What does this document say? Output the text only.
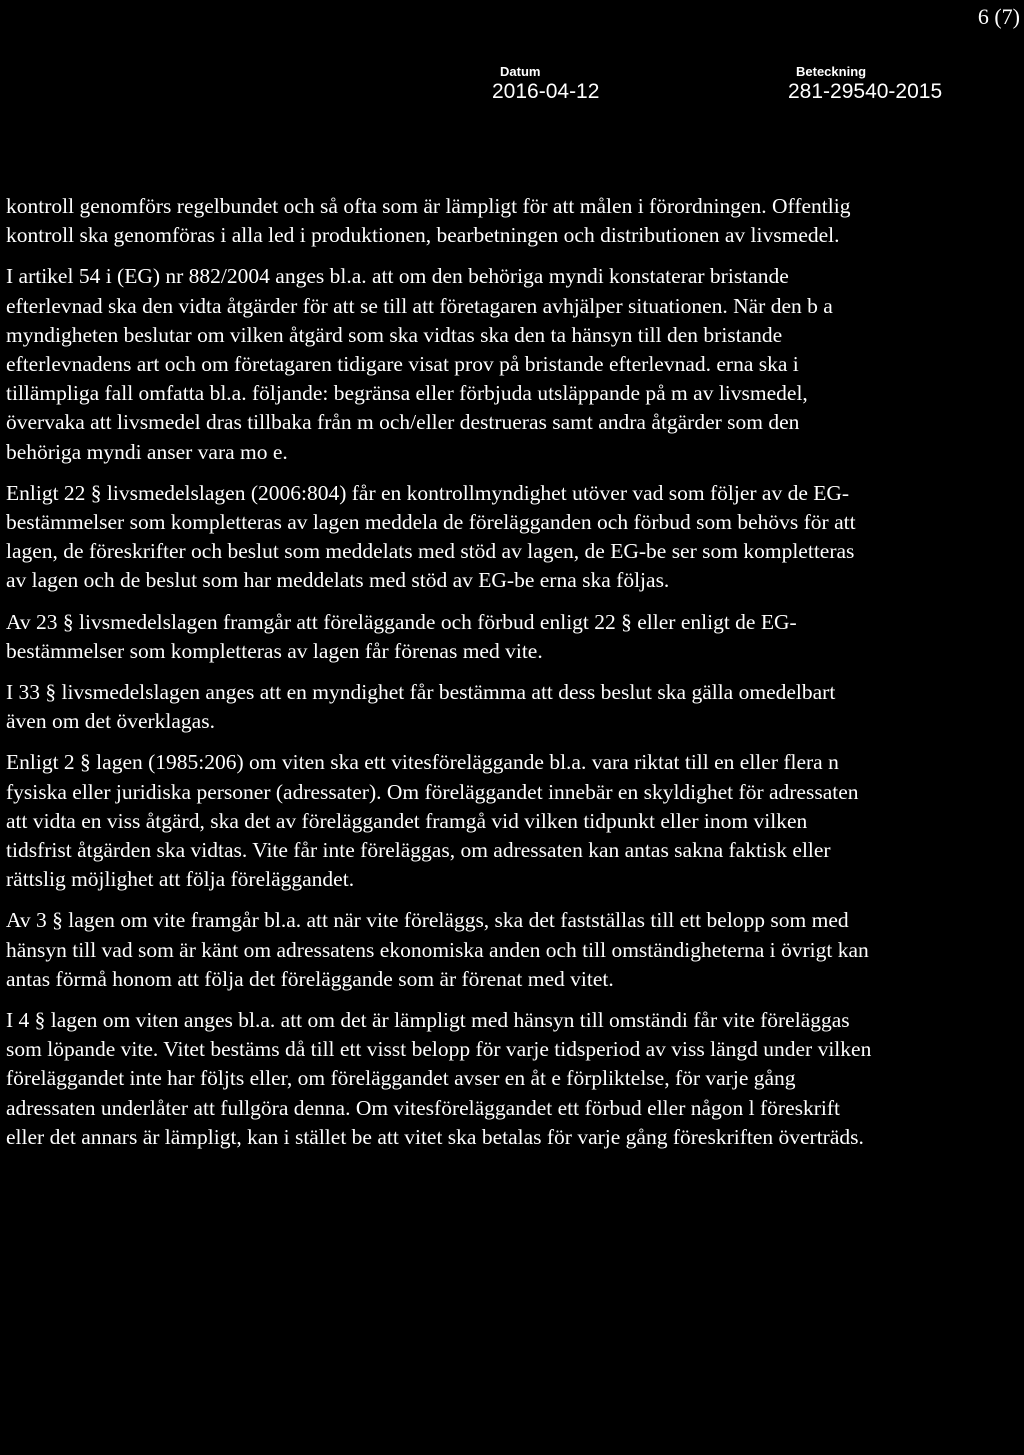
6 (7)
Datum
2016-04-12
Beteckning
281-29540-2015

kontroll genomförs regelbundet och så ofta som är lämpligt för att målen i förordningen. Offentlig kontroll ska genomföras i alla led i produktionen, bearbetningen och distributionen av livsmedel.

I artikel 54 i (EG) nr 882/2004 anges bl.a. att om den behöriga myndi konstaterar bristande efterlevnad ska den vidta åtgärder för att se till att företagaren avhjälper situationen. När den b a myndigheten beslutar om vilken åtgärd som ska vidtas ska den ta hänsyn till den bristande efterlevnadens art och om företagaren tidigare visat prov på bristande efterlevnad. erna ska i tillämpliga fall omfatta bl.a. följande: begränsa eller förbjuda utsläppande på m av livsmedel, övervaka att livsmedel dras tillbaka från m och/eller destrueras samt andra åtgärder som den behöriga myndi anser vara mo e.

Enligt 22 § livsmedelslagen (2006:804) får en kontrollmyndighet utöver vad som följer av de EG-bestämmelser som kompletteras av lagen meddela de förelägganden och förbud som behövs för att lagen, de föreskrifter och beslut som meddelats med stöd av lagen, de EG-be ser som kompletteras av lagen och de beslut som har meddelats med stöd av EG-be erna ska följas.

Av 23 § livsmedelslagen framgår att föreläggande och förbud enligt 22 § eller enligt de EG-bestämmelser som kompletteras av lagen får förenas med vite.

I 33 § livsmedelslagen anges att en myndighet får bestämma att dess beslut ska gälla omedelbart även om det överklagas.

Enligt 2 § lagen (1985:206) om viten ska ett vitesföreläggande bl.a. vara riktat till en eller flera n fysiska eller juridiska personer (adressater). Om föreläggandet innebär en skyldighet för adressaten att vidta en viss åtgärd, ska det av föreläggandet framgå vid vilken tidpunkt eller inom vilken tidsfrist åtgärden ska vidtas. Vite får inte föreläggas, om adressaten kan antas sakna faktisk eller rättslig möjlighet att följa föreläggandet.

Av 3 § lagen om vite framgår bl.a. att när vite föreläggs, ska det fastställas till ett belopp som med hänsyn till vad som är känt om adressatens ekonomiska anden och till omständigheterna i övrigt kan antas förmå honom att följa det föreläggande som är förenat med vitet.

I 4 § lagen om viten anges bl.a. att om det är lämpligt med hänsyn till omständi får vite föreläggas som löpande vite. Vitet bestäms då till ett visst belopp för varje tidsperiod av viss längd under vilken föreläggandet inte har följts eller, om föreläggandet avser en åt e förpliktelse, för varje gång adressaten underlåter att fullgöra denna. Om vitesföreläggandet ett förbud eller någon l föreskrift eller det annars är lämpligt, kan i stället be att vitet ska betalas för varje gång föreskriften överträds.
